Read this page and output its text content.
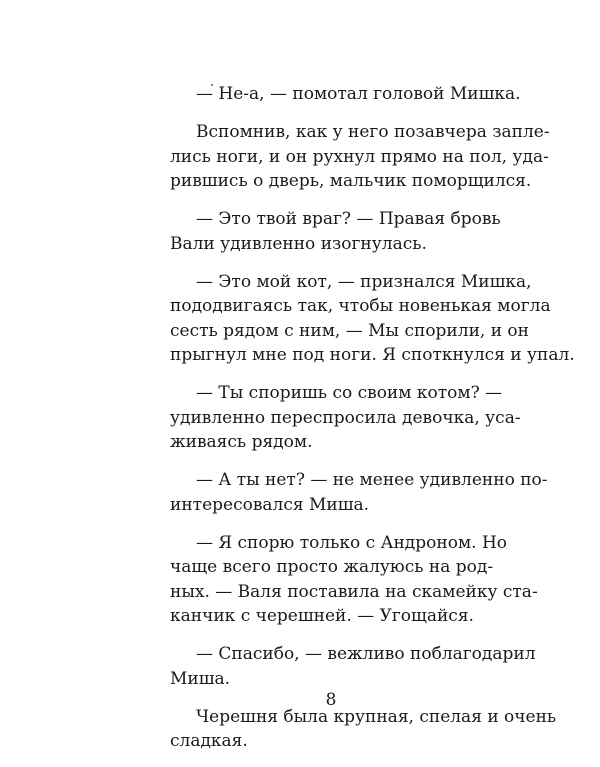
— Не-а, — помотал головой Мишка.

Вспомнив, как у него позавчера запле-
лись ноги, и он рухнул прямо на пол, уда-
рившись о дверь, мальчик поморщился.

— Это твой враг? — Правая бровь
Вали удивленно изогнулась.

— Это мой кот, — признался Мишка,
пододвигаясь так, чтобы новенькая могла
сесть рядом с ним, — Мы спорили, и он
прыгнул мне под ноги. Я споткнулся и упал.

— Ты споришь со своим котом? —
удивленно переспросила девочка, уса-
живаясь рядом.

— А ты нет? — не менее удивленно по-
интересовался Миша.

— Я спорю только с Андроном. Но
чаще всего просто жалуюсь на род-
ных. — Валя поставила на скамейку ста-
канчик с черешней. — Угощайся.

— Спасибо, — вежливо поблагодарил
Миша.

Черешня была крупная, спелая и очень
сладкая.

8
